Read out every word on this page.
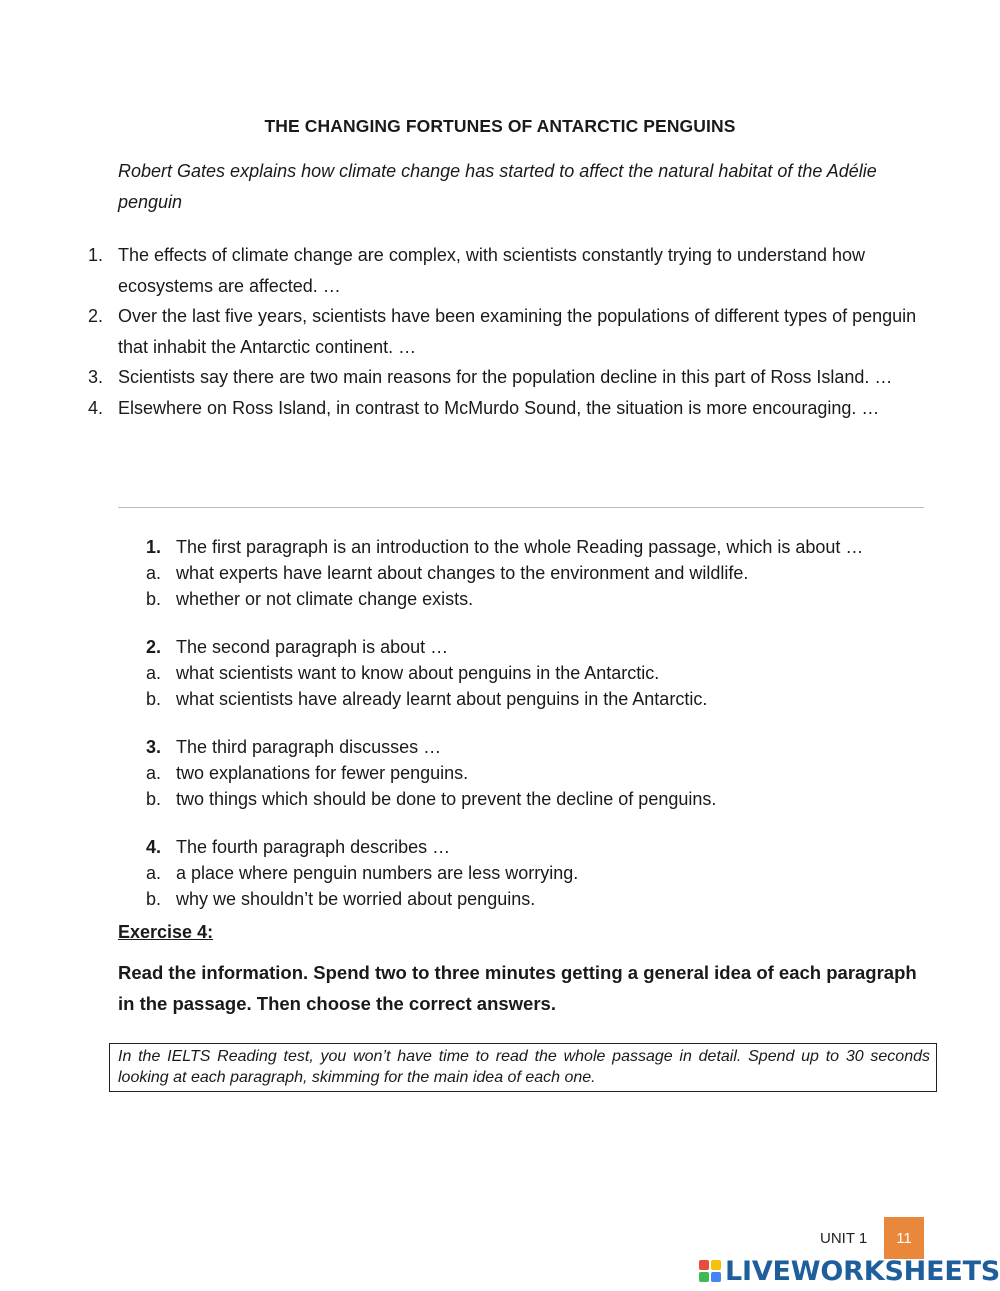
THE CHANGING FORTUNES OF ANTARCTIC PENGUINS
Robert Gates explains how climate change has started to affect the natural habitat of the Adélie penguin
1. The effects of climate change are complex, with scientists constantly trying to understand how ecosystems are affected. …
2. Over the last five years, scientists have been examining the populations of different types of penguin that inhabit the Antarctic continent. …
3. Scientists say there are two main reasons for the population decline in this part of Ross Island. …
4. Elsewhere on Ross Island, in contrast to McMurdo Sound, the situation is more encouraging. …
1. The first paragraph is an introduction to the whole Reading passage, which is about …
a. what experts have learnt about changes to the environment and wildlife.
b. whether or not climate change exists.
2. The second paragraph is about …
a. what scientists want to know about penguins in the Antarctic.
b. what scientists have already learnt about penguins in the Antarctic.
3. The third paragraph discusses …
a. two explanations for fewer penguins.
b. two things which should be done to prevent the decline of penguins.
4. The fourth paragraph describes …
a. a place where penguin numbers are less worrying.
b. why we shouldn’t be worried about penguins.
Exercise 4:
Read the information. Spend two to three minutes getting a general idea of each paragraph in the passage. Then choose the correct answers.
In the IELTS Reading test, you won’t have time to read the whole passage in detail. Spend up to 30 seconds looking at each paragraph, skimming for the main idea of each one.
UNIT 1	11
LIVEWORKSHEETS
